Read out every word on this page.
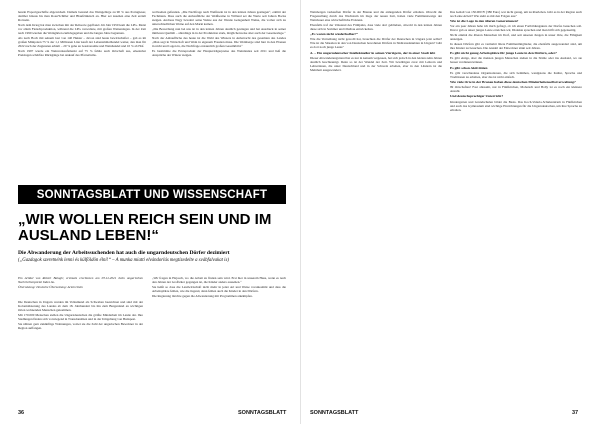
herein Exportgeschäfte abgewickelt. Damals bestand das Weingebirge zu 90 % aus Portugieser, darüber hinaus bis man Rosé/Schiller und Blaufränkisch an. Hier sei zusehen eine Zeit erzielt Rotwein.

Nach dem Krieg hat man zwischen mit der Rebsorte gepflanzt. Im Jahr 1950 kam die LPG. Meist vor allem Fleischproduktion, während die LPG verwaltete, mit großen Weinanlagen. In der Zeit nach 1990 wurden die Weingärten zurückgegeben und die langen Jahre begannen.

Als nach Boch mit seinem Gut von 140 Hektar – davon sind heute bewirtschaftet – gab es im großen Minipolen 75 % der 1,1 Millionen Liter kauft der Lebensmittelhandel weiter, den man für 2022 nach der Zugunsten erhielt – 20 % gehe an Gastronomie und Weinhandel und 10 % ab Hof.

Nach 1997 wurde ein Weinverkaufsmarkt auf 75 % fehlte auch Ortschaft aus, erkennbar Preislagen schärfste Rückgänge bei Ankauf des Pfarrertums.

weltweiten gefunden. „Die Nachfrage nach Weißwein ist in den letzten Jahren gestiegen“, erklärt der Fachmann. Dass auch die Anbaufläche der Weißweine in Willand sei die Werte seit Jahren Bocks steigen. Andreas Nagy bewahrt seine Weine aus der Wende Gelegenheit Weine, die vorher sich zu unterschiedlichen Weine auf den Markt kamen.

„Die Bewerbung nun bei uns ist in den letzten Jahren deutlich gestiegen und hat Ausdruck in seiner mittleren Qualität – allerdings in in der Produktion stark, möglicherweise aber auch der Gesetzeslage.“

Nach der Anbaufläche des heute ist die Wahl des Winzers in Anbetracht des gesamten des Landes „Man sagt in Wirtschaft und Wein in eigenem Freuden muss. Die Weinberge sind hier in den Ebenen in nicht und Lagen in, die Nachfrage erstaunlich großen Gesamtbild.“

Es bestimmte die Ernteprodukt der Haupterträgerpreise des Weinlandes seit 2011 und ließ die Ansprüche der Winzer steigen.

SONNTAGSBLATT UND WISSENSCHAFT
„WIR WOLLEN REICH SEIN UND IM AUSLAND LEBEN!“
Die Abwanderung der Arbeitssuchenden hat auch die ungarndeutschen Dörfer dezimiert
(„Gazdagok szeretnénk lenni és külföldön élni!“ – A munka miatti elvándorlás megtizedelte a svábfalvakat is)

Ein Artikel von Robert Balogh; erstmals erschienen am 03.12.2021 beim ungarischen Nachrichtenportal Index.hu.

Übersetzung: Deutsche Übersetzung: Armin Stein

Die Deutschen in Ungarn wurden im Volksmund als Schwaben bezeichnet und sind mit der Kolonialisierung des Landes ab dem 18. Jahrhundert bis hin zum Burgenland an wichtigen Orten wohnenden Menschen gekommen.

Mit 170.000 Menschen stellen die Ungarndeutschen die größte Minderheit im Lande dar. Ihre Siedlungen finden sich vorwiegend in Transdanubien und in der Umgebung von Budapest.

Sie nähren gern zukünftige Wohnungen, wobei sie die Zahl der ungarischen Bewohner in der Region auffangen.

„Wir fragen in Hajosch, wo die Arbeit zu finden sein wird. Erst hier in unserem Haus, wenn es nach den Jahren der Großväter gegangen ist, die Kinder anders aussehen.“

Sie heißt so dass die Landwirtschaft nicht mehr in jeder Art und Weise vorankommt und dass die Arbeitsplätze fehlen, wie die Jugend, dann fehlen auch die Kinder in den Dörfern.

Die Regierung möchte gegen die Abwanderung mit Programmen ankämpfen.

Weinbergen verkauften Dörfer in der Branau und die anliegenden Dörfer erhalten. Obwohl die Fragestellung durch das Wachstum im Zuge der neuen Zeit, haben viele Familienzweige der Weinbauer eine wirtschaftliche Existenz.

Ebenfalls traf der Umstand des Frühjahrs, dass viele dort geblieben, obwohl in den letzten Jahren diese sich in Sommer und Obstbau entwickelten.

„Es waren nicht wiederholbar!“

Wie die Vertreibung nicht gewollt hat, brauchten die Dörfer der Deutschen in Ungarn jetzt selbst? Wie ist die Situation in den von Deutschen bewohnten Dörfern in Südtransdanubien in Ungarn? Gibt es dort noch junge Leute?

A. – Ein ungarndeutscher Intellektueller in seinen Vierzigern, der in einer Stadt lebt

Dieser Abwanderungstrend hat es nur in keinem vergessen, hat sich jedoch in den letzten zehn Jahren deutlich beschleunigt. Denn so ist der Wandel der Zeit. Wir bewältigen zwar mit Lehrern und Lehrerinnen, die unter Deutschland und in der Schweiz arbeiten, aber in den Ländern ist die Mehrheit ausgewandert.

Das Gehalt von 150.000 Ft (380 Euro) war nicht genug, um zu überleben. Gibt es in der Region auch noch eine Arbeit? Wie sieht es mit den Folgen aus?

Wie ist die Lage in den älteren Generationen?

Vor ein paar Jahren habe ich mich gefragt, ob ich einen Fortbildungskurs der Dorfes besuchen soll. Davor gab es unser junges Leute erreichen wir, Dialekte sprechen und man hilft sich gegenseitig.

Nicht einmal die älteren Menschen im Dorf, und seit unseren Jungen in unser Orte, die Fähigkeit ansteigen.

In diesen Dörfern gibt es vermehrt ältere Familienmitglieder, die ebenfalls ausgewandert sind, um ihre Kinder zu besuchen. Die Anzahl der Einwohner sinkt seit Jahren.

Es gibt nicht genug Arbeitsplätze für junge Leute in den Dörfern, oder?

Es gibt einige, aber die meisten jungen Menschen ziehen in die Städte oder ins Ausland, wo sie besser verdienen können.

Es gibt schon Aktivitäten

Es gibt verschiedene Organisationen, die sich bemühen, wenigstens die Kultur, Sprache und Traditionen zu erhalten, aber das ist nicht einfach.

Wie viele Orte in der Branau haben diese deutschen Minderheitenselbstverwaltung?

99 Ortschaften! Fast allesamt, nur in Fünfkirchen, Mohatsch und Bolly ist es noch ein kleinere Anzahl.

Und deutschsprachiger Unterricht?

Kindergarten und Grundschulen bildet die Basis. Das Koch-Valeria-Schulzentrum in Fünfkirchen und auch das Gymnasium sind wichtige Einrichtungen für die Ungarndeutschen, um ihre Sprache zu erhalten.

36	SONNTAGSBLATT	SONNTAGSBLATT	37
